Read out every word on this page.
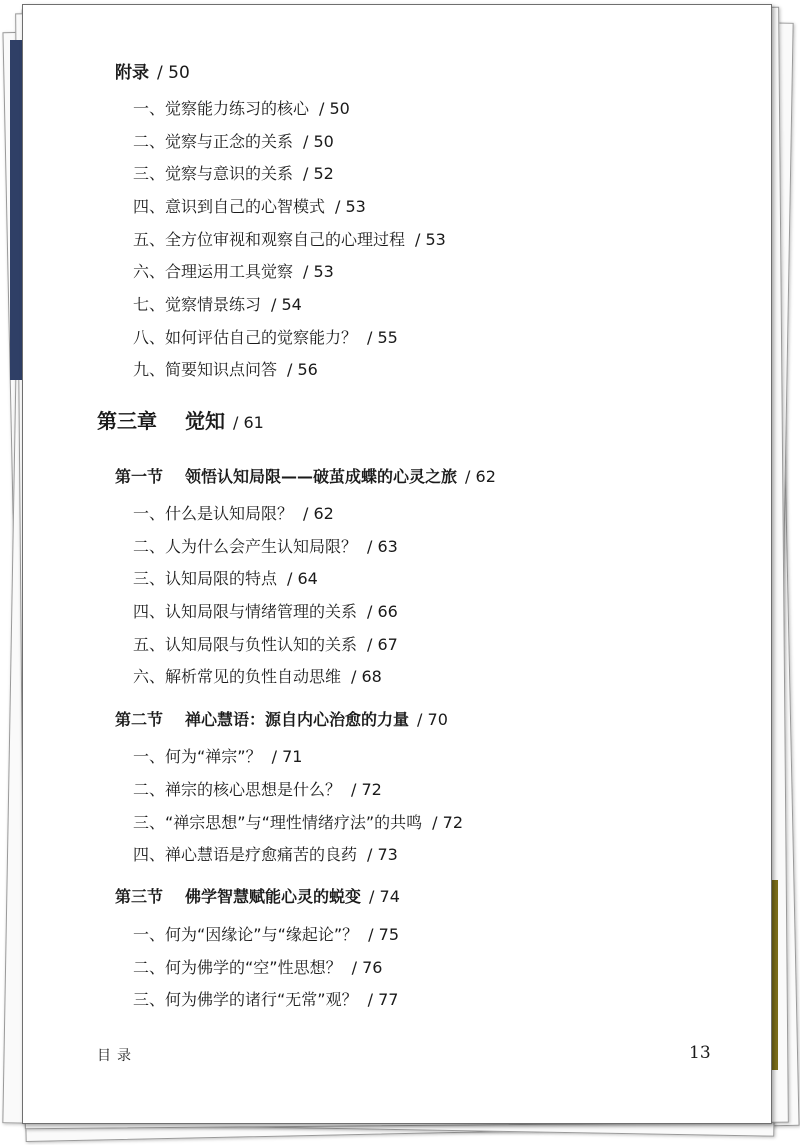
附录 / 50
一、觉察能力练习的核心 / 50
二、觉察与正念的关系 / 50
三、觉察与意识的关系 / 52
四、意识到自己的心智模式 / 53
五、全方位审视和观察自己的心理过程 / 53
六、合理运用工具觉察 / 53
七、觉察情景练习 / 54
八、如何评估自己的觉察能力？ / 55
九、简要知识点问答 / 56
第三章 觉知 / 61
第一节 领悟认知局限——破茧成蝶的心灵之旅 / 62
一、什么是认知局限？ / 62
二、人为什么会产生认知局限？ / 63
三、认知局限的特点 / 64
四、认知局限与情绪管理的关系 / 66
五、认知局限与负性认知的关系 / 67
六、解析常见的负性自动思维 / 68
第二节 禅心慧语：源自内心治愈的力量 / 70
一、何为“禅宗”？ / 71
二、禅宗的核心思想是什么？ / 72
三、“禅宗思想”与“理性情绪疗法”的共鸣 / 72
四、禅心慧语是疗愈痛苦的良药 / 73
第三节 佛学智慧赋能心灵的蜕变 / 74
一、何为“因缘论”与“缘起论”？ / 75
二、何为佛学的“空”性思想？ / 76
三、何为佛学的诸行“无常”观？ / 77
目录	13
